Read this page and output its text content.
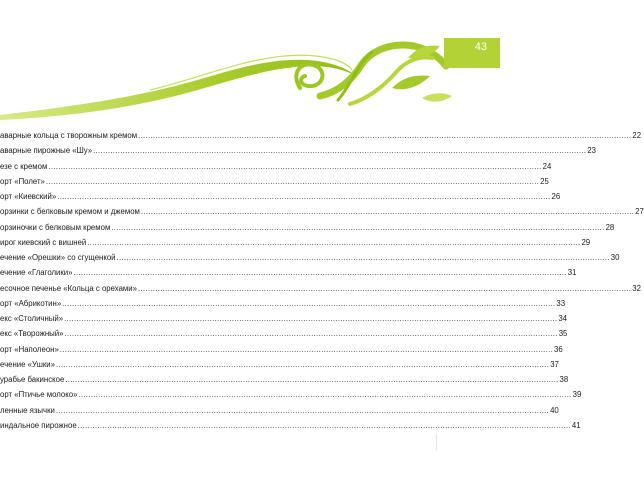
43
аварные кольца с творожным кремом ........................................................................................................................................................................................................ 22
аварные пирожные «Шу» ........................................................................................................................................................................................................ 23
езе с кремом ........................................................................................................................................................................................................ 24
орт «Полет» ........................................................................................................................................................................................................ 25
орт «Киевский» ........................................................................................................................................................................................................ 26
орзинки с белковым кремом и джемом ........................................................................................................................................................................................................ 27
орзиночки с белковым кремом ........................................................................................................................................................................................................ 28
ирог киевский с вишней ........................................................................................................................................................................................................ 29
ечение «Орешки» со сгущенкой ........................................................................................................................................................................................................ 30
ечение «Глаголики» ........................................................................................................................................................................................................ 31
есочное печенье «Кольца с орехами» ........................................................................................................................................................................................................ 32
орт «Абрикотин» ........................................................................................................................................................................................................ 33
екс «Столичный» ........................................................................................................................................................................................................ 34
екс «Творожный» ........................................................................................................................................................................................................ 35
орт «Наполеон» ........................................................................................................................................................................................................ 36
ечение «Ушки» ........................................................................................................................................................................................................ 37
урабье бакинское ........................................................................................................................................................................................................ 38
орт «Птичье молоко» ........................................................................................................................................................................................................ 39
ленные язычки ........................................................................................................................................................................................................ 40
индальное пирожное ........................................................................................................................................................................................................ 41
